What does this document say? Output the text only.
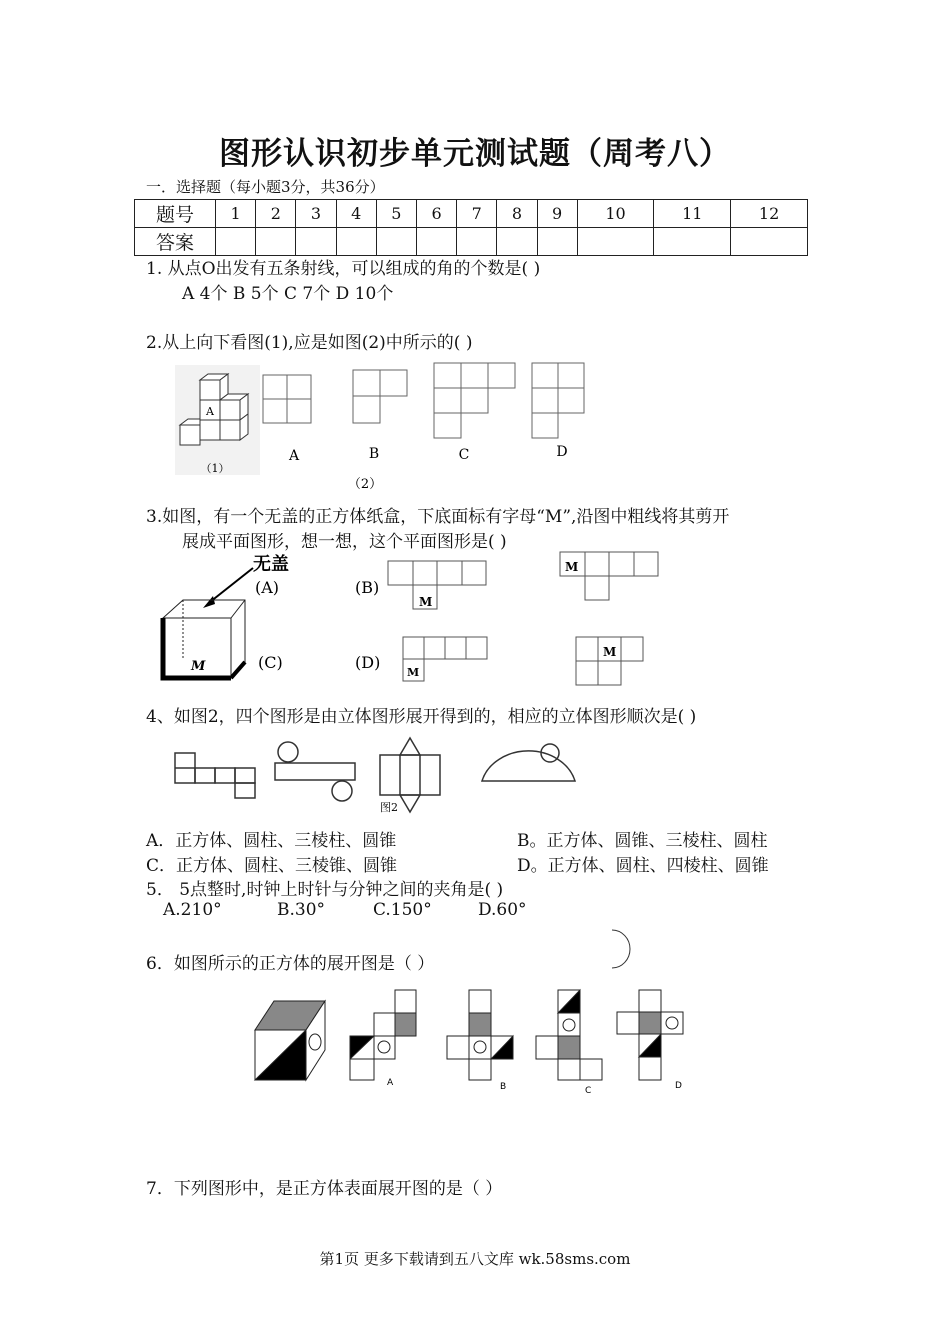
图形认识初步单元测试题（周考八）
一．选择题（每小题3分，共36分）
题号	1	2	3	4	5	6	7	8	9	10	11	12
答案												
1. 从点O出发有五条射线，可以组成的角的个数是( )
A 4个 B 5个 C 7个 D 10个
2.从上向下看图(1),应是如图(2)中所示的( )
A
（1）
A	B	C	D
（2）
3.如图，有一个无盖的正方体纸盒，下底面标有字母“M”,沿图中粗线将其剪开
展成平面图形，想一想，这个平面图形是( )
无盖
M
(A)	(B)
(C)	(D)
M
M
M
M
4、如图2，四个图形是由立体图形展开得到的，相应的立体图形顺次是( )
图2
A．正方体、圆柱、三棱柱、圆锥	B。正方体、圆锥、三棱柱、圆柱
C．正方体、圆柱、三棱锥、圆锥	D。正方体、圆柱、四棱柱、圆锥
5． 5点整时,时钟上时针与分钟之间的夹角是( )
A.210°	B.30°	C.150°	D.60°
6．如图所示的正方体的展开图是（ ）
A	B	C	D
7．下列图形中，是正方体表面展开图的是（ ）
第1页 更多下载请到五八文库 wk.58sms.com
